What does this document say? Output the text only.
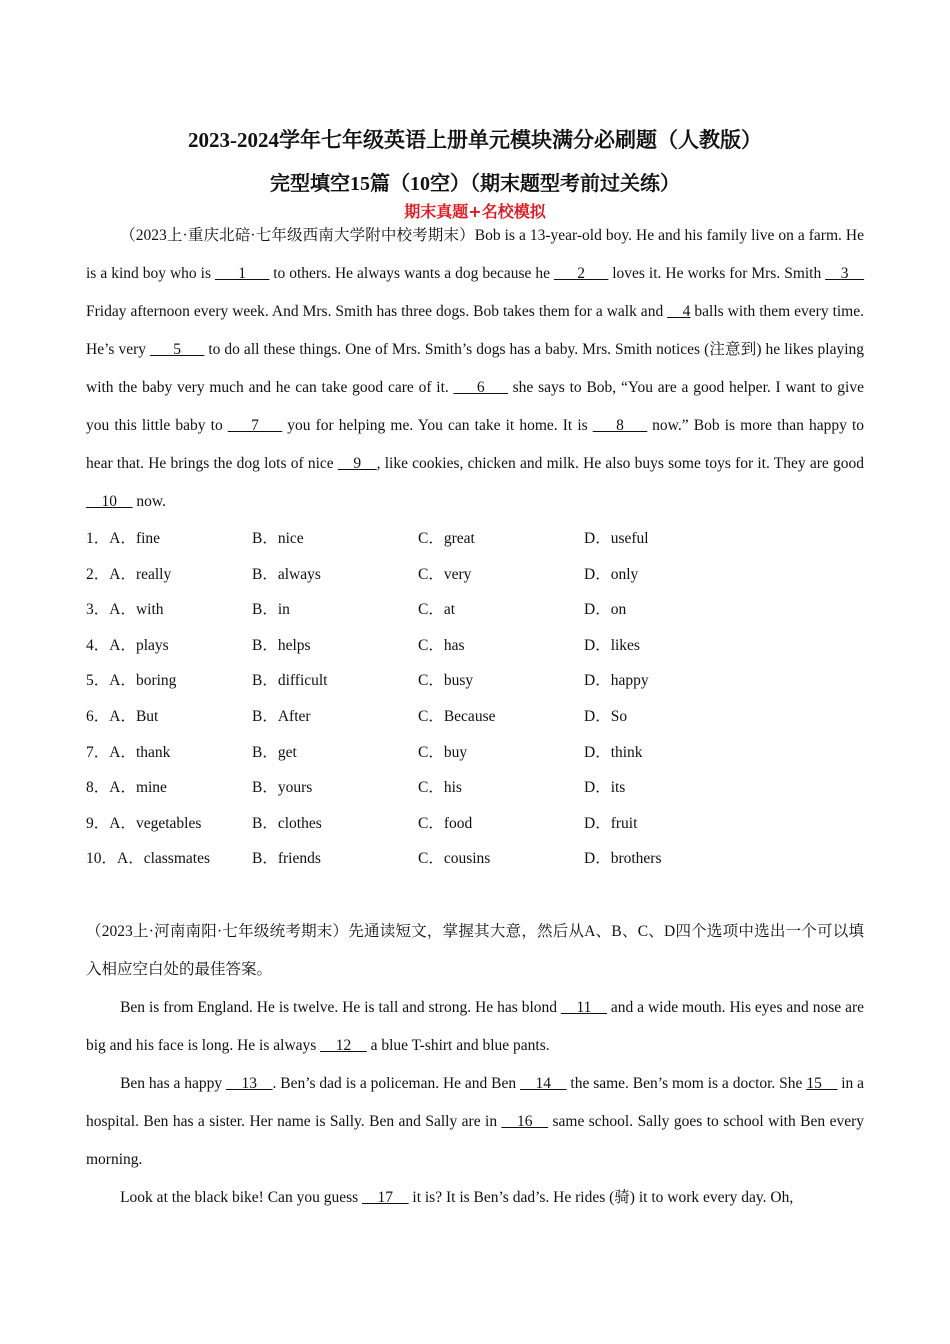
2023-2024学年七年级英语上册单元模块满分必刷题（人教版）
完型填空15篇（10空）（期末题型考前过关练）
期末真题+名校模拟

（2023上·重庆北碚·七年级西南大学附中校考期末）Bob is a 13-year-old boy. He and his family live on a farm. He is a kind boy who is ___1___ to others. He always wants a dog because he ___2___ loves it. He works for Mrs. Smith __3__ Friday afternoon every week. And Mrs. Smith has three dogs. Bob takes them for a walk and __4 balls with them every time. He’s very ___5___ to do all these things. One of Mrs. Smith’s dogs has a baby. Mrs. Smith notices (注意到) he likes playing with the baby very much and he can take good care of it. ___6___ she says to Bob, “You are a good helper. I want to give you this little baby to ___7___ you for helping me. You can take it home. It is ___8___ now.” Bob is more than happy to hear that. He brings the dog lots of nice __9__, like cookies, chicken and milk. He also buys some toys for it. They are good __10__ now.

1．A．fine	B．nice	C．great	D．useful
2．A．really	B．always	C．very	D．only
3．A．with	B．in	C．at	D．on
4．A．plays	B．helps	C．has	D．likes
5．A．boring	B．difficult	C．busy	D．happy
6．A．But	B．After	C．Because	D．So
7．A．thank	B．get	C．buy	D．think
8．A．mine	B．yours	C．his	D．its
9．A．vegetables	B．clothes	C．food	D．fruit
10．A．classmates	B．friends	C．cousins	D．brothers

（2023上·河南南阳·七年级统考期末）先通读短文，掌握其大意，然后从A、B、C、D四个选项中选出一个可以填入相应空白处的最佳答案。

Ben is from England. He is twelve. He is tall and strong. He has blond __11__ and a wide mouth. His eyes and nose are big and his face is long. He is always __12__ a blue T-shirt and blue pants.

Ben has a happy __13__. Ben’s dad is a policeman. He and Ben __14__ the same. Ben’s mom is a doctor. She 15__ in a hospital. Ben has a sister. Her name is Sally. Ben and Sally are in __16__ same school. Sally goes to school with Ben every morning.

Look at the black bike! Can you guess __17__ it is? It is Ben’s dad’s. He rides (骑) it to work every day. Oh,
